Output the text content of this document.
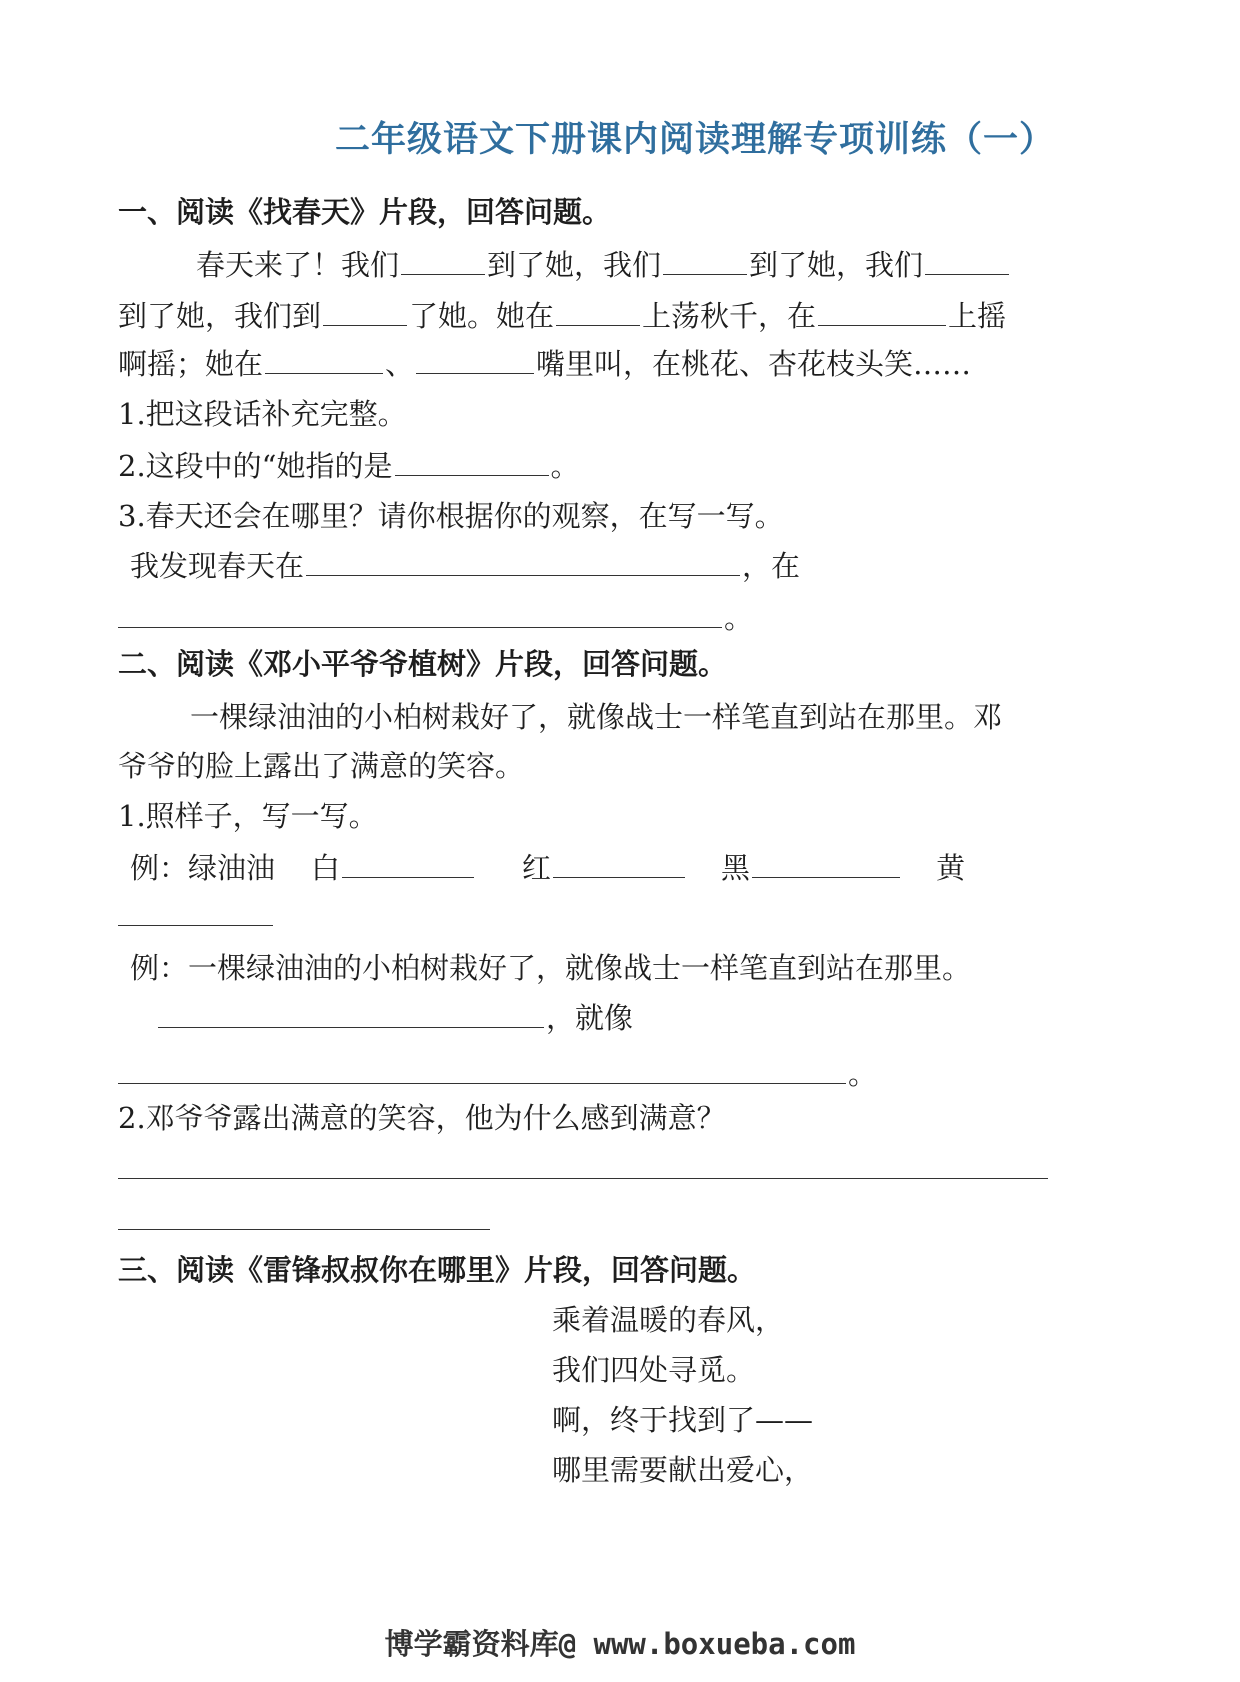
二年级语文下册课内阅读理解专项训练（一）
一、阅读《找春天》片段，回答问题。
春天来了！我们	到了她，我们	到了她，我们
到了她，我们到	了她。她在	上荡秋千，在	上摇
啊摇；她在	、	嘴里叫，在桃花、杏花枝头笑……
1.把这段话补充完整。
2.这段中的“她指的是	。
3.春天还会在哪里？请你根据你的观察，在写一写。
我发现春天在	，在
。
二、阅读《邓小平爷爷植树》片段，回答问题。
一棵绿油油的小柏树栽好了，就像战士一样笔直到站在那里。邓
爷爷的脸上露出了满意的笑容。
1.照样子，写一写。
例：绿油油 白	红	黑	黄
例：一棵绿油油的小柏树栽好了，就像战士一样笔直到站在那里。
，就像
。
2.邓爷爷露出满意的笑容，他为什么感到满意？
三、阅读《雷锋叔叔你在哪里》片段，回答问题。
乘着温暖的春风，
我们四处寻觅。
啊，终于找到了——
哪里需要献出爱心，
博学霸资料库@ www.boxueba.com
